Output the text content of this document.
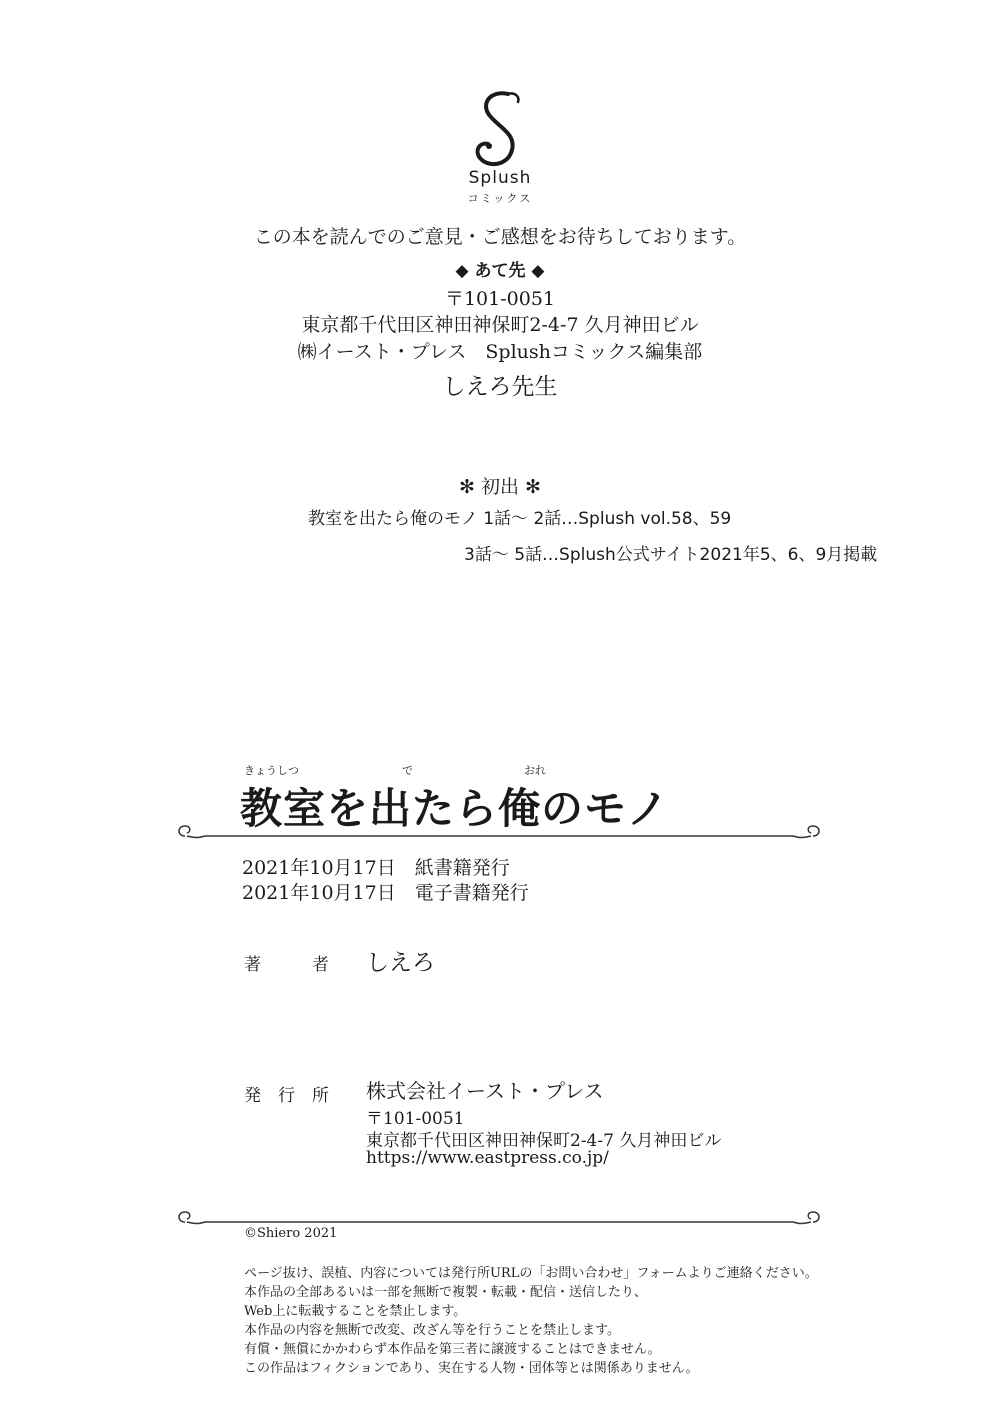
Splush
コミックス
この本を読んでのご意見・ご感想をお待ちしております。
◆ あて先 ◆
〒101-0051
東京都千代田区神田神保町2-4-7 久月神田ビル
㈱イースト・プレス　Splushコミックス編集部
しえろ先生
✻ 初出 ✻
教室を出たら俺のモノ 1話～ 2話…Splush vol.58、59
3話～ 5話…Splush公式サイト2021年5、6、9月掲載
きょうしつ	で	おれ
教室を出たら俺のモノ
2021年10月17日　紙書籍発行
2021年10月17日　電子書籍発行
著　　　者 しえろ
発　行　所 株式会社イースト・プレス
〒101-0051
東京都千代田区神田神保町2-4-7 久月神田ビル
https://www.eastpress.co.jp/
©Shiero 2021
ページ抜け、誤植、内容については発行所URLの「お問い合わせ」フォームよりご連絡ください。
本作品の全部あるいは一部を無断で複製・転載・配信・送信したり、
Web上に転載することを禁止します。
本作品の内容を無断で改変、改ざん等を行うことを禁止します。
有償・無償にかかわらず本作品を第三者に譲渡することはできません。
この作品はフィクションであり、実在する人物・団体等とは関係ありません。
